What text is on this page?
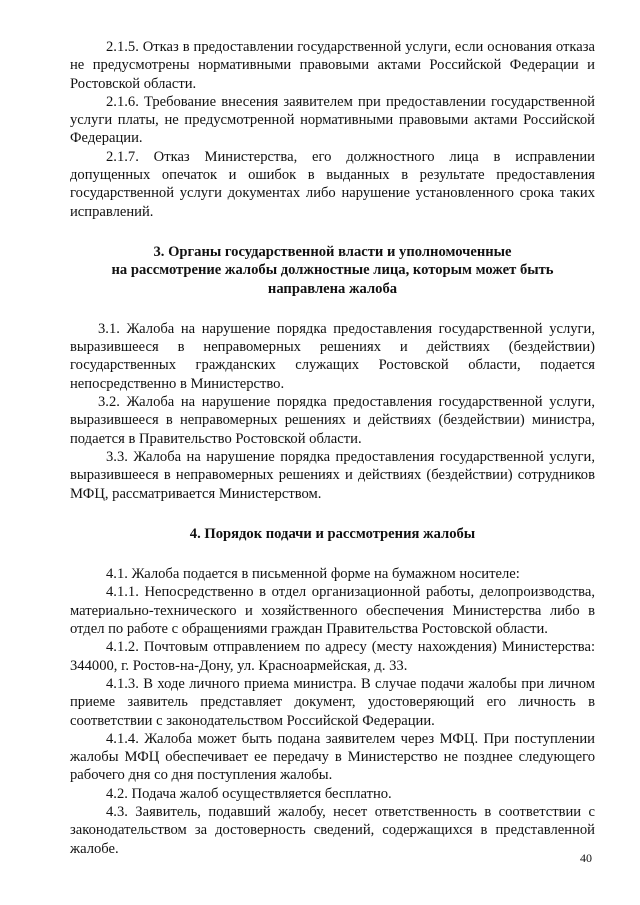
2.1.5. Отказ в предоставлении государственной услуги, если основания отказа не предусмотрены нормативными правовыми актами Российской Федерации и Ростовской области.

2.1.6. Требование внесения заявителем при предоставлении государственной услуги платы, не предусмотренной нормативными правовыми актами Российской Федерации.

2.1.7. Отказ Министерства, его должностного лица в исправлении допущенных опечаток и ошибок в выданных в результате предоставления государственной услуги документах либо нарушение установленного срока таких исправлений.

3. Органы государственной власти и уполномоченные

на рассмотрение жалобы должностные лица, которым может быть

направлена жалоба

3.1. Жалоба на нарушение порядка предоставления государственной услуги, выразившееся в неправомерных решениях и действиях (бездействии) государственных гражданских служащих Ростовской области, подается непосредственно в Министерство.

3.2. Жалоба на нарушение порядка предоставления государственной услуги, выразившееся в неправомерных решениях и действиях (бездействии) министра, подается в Правительство Ростовской области.

3.3. Жалоба на нарушение порядка предоставления государственной услуги, выразившееся в неправомерных решениях и действиях (бездействии) сотрудников МФЦ, рассматривается Министерством.

4. Порядок подачи и рассмотрения жалобы

4.1. Жалоба подается в письменной форме на бумажном носителе:

4.1.1. Непосредственно в отдел организационной работы, делопроизводства, материально-технического и хозяйственного обеспечения Министерства либо в отдел по работе с обращениями граждан Правительства Ростовской области.

4.1.2. Почтовым отправлением по адресу (месту нахождения) Министерства: 344000, г. Ростов-на-Дону, ул. Красноармейская, д. 33.

4.1.3. В ходе личного приема министра. В случае подачи жалобы при личном приеме заявитель представляет документ, удостоверяющий его личность в соответствии с законодательством Российской Федерации.

4.1.4. Жалоба может быть подана заявителем через МФЦ. При поступлении жалобы МФЦ обеспечивает ее передачу в Министерство не позднее следующего рабочего дня со дня поступления жалобы.

4.2. Подача жалоб осуществляется бесплатно.

4.3. Заявитель, подавший жалобу, несет ответственность в соответствии с законодательством за достоверность сведений, содержащихся в представленной жалобе.

40
